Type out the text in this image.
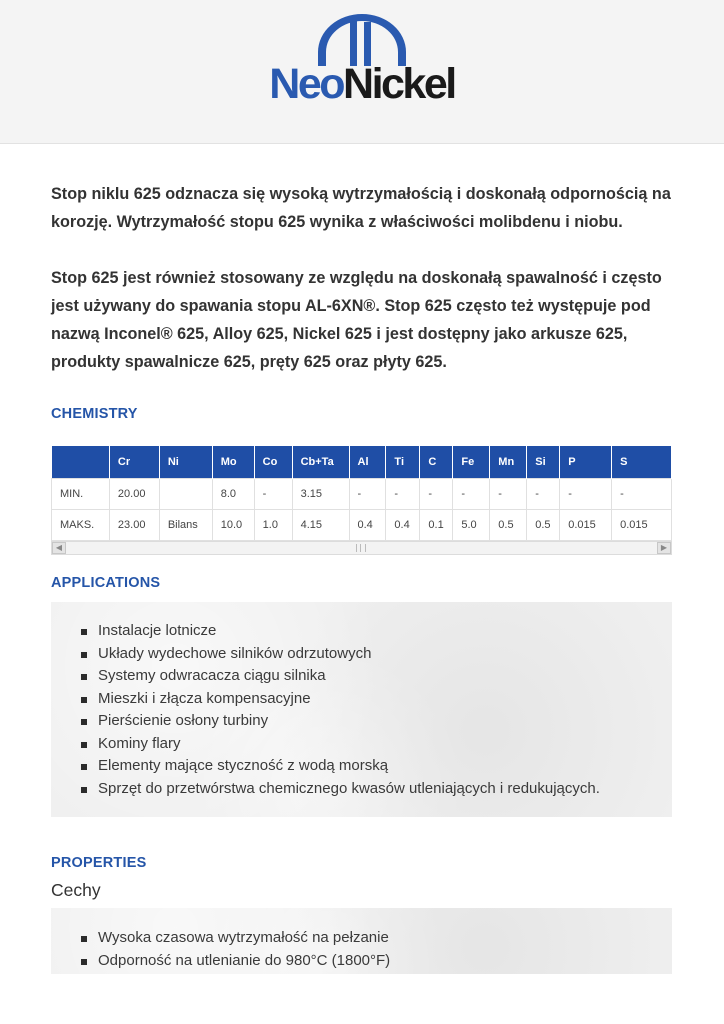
NeoNickel

Stop niklu 625 odznacza się wysoką wytrzymałością i doskonałą odpornością na korozję. Wytrzymałość stopu 625 wynika z właściwości molibdenu i niobu.

Stop 625 jest również stosowany ze względu na doskonałą spawalność i często jest używany do spawania stopu AL-6XN®. Stop 625 często też występuje pod nazwą Inconel® 625, Alloy 625, Nickel 625 i jest dostępny jako arkusze 625, produkty spawalnicze 625, pręty 625 oraz płyty 625.

CHEMISTRY
	Cr	Ni	Mo	Co	Cb+Ta	Al	Ti	C	Fe	Mn	Si	P	S
MIN.	20.00		8.0	-	3.15	-	-	-	-	-	-	-	-
MAKS.	23.00	Bilans	10.0	1.0	4.15	0.4	0.4	0.1	5.0	0.5	0.5	0.015	0.015
◀	▶
APPLICATIONS
Instalacje lotnicze
Układy wydechowe silników odrzutowych
Systemy odwracacza ciągu silnika
Mieszki i złącza kompensacyjne
Pierścienie osłony turbiny
Kominy flary
Elementy mające styczność z wodą morską
Sprzęt do przetwórstwa chemicznego kwasów utleniających i redukujących.
PROPERTIES
Cechy
Wysoka czasowa wytrzymałość na pełzanie
Odporność na utlenianie do 980°C (1800°F)
